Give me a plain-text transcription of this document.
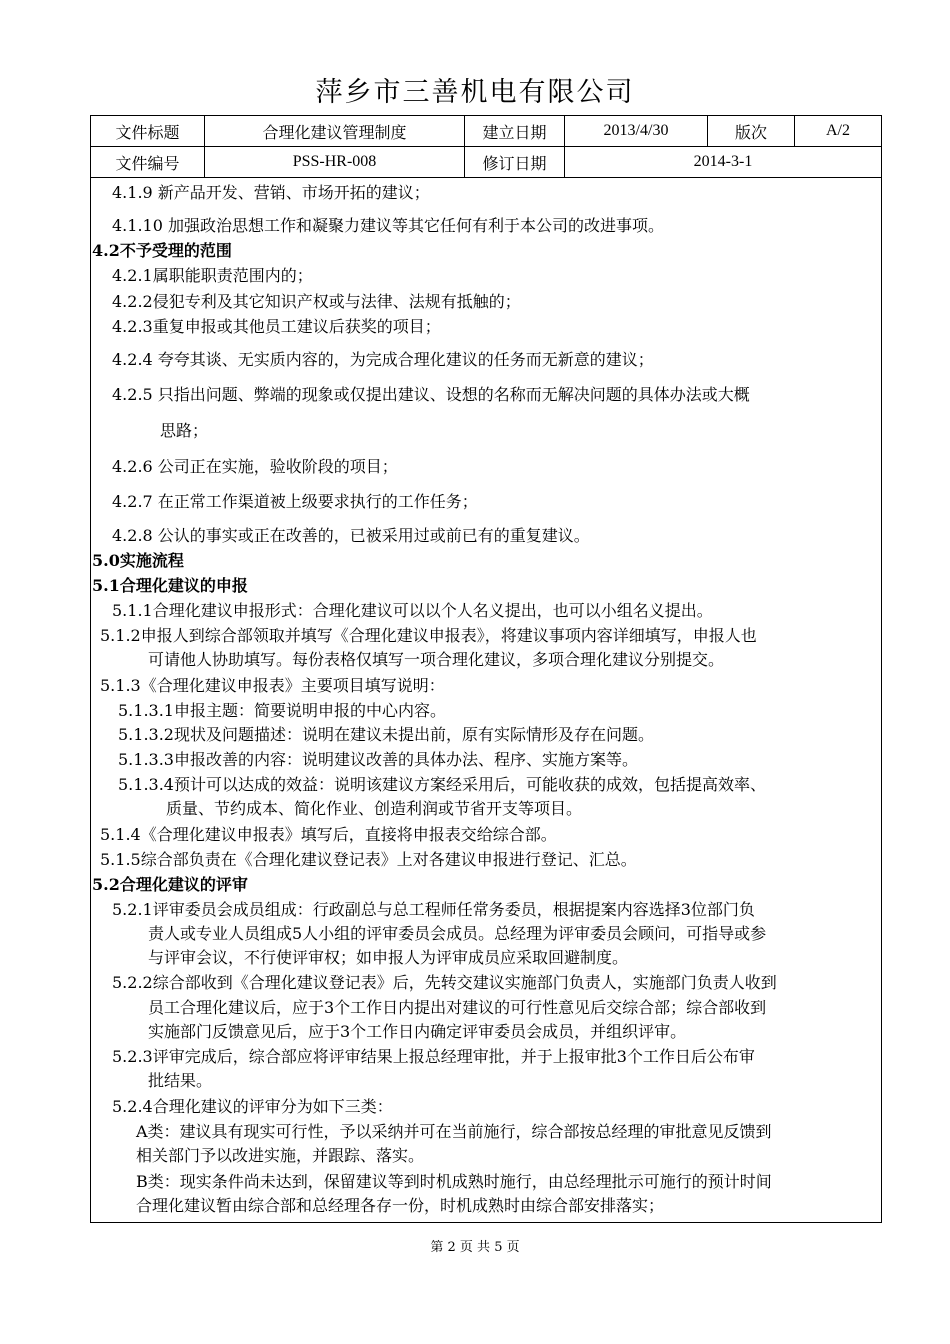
萍乡市三善机电有限公司
文件标题	合理化建议管理制度	建立日期	2013/4/30	版次	A/2
文件编号	PSS-HR-008	修订日期	2014-3-1		
4.1.9 新产品开发、营销、市场开拓的建议；
4.1.10 加强政治思想工作和凝聚力建议等其它任何有利于本公司的改进事项。
4.2不予受理的范围
4.2.1属职能职责范围内的；
4.2.2侵犯专利及其它知识产权或与法律、法规有抵触的；
4.2.3重复申报或其他员工建议后获奖的项目；
4.2.4 夸夸其谈、无实质内容的，为完成合理化建议的任务而无新意的建议；
4.2.5 只指出问题、弊端的现象或仅提出建议、设想的名称而无解决问题的具体办法或大概
思路；
4.2.6 公司正在实施，验收阶段的项目；
4.2.7 在正常工作渠道被上级要求执行的工作任务；
4.2.8 公认的事实或正在改善的，已被采用过或前已有的重复建议。
5.0实施流程
5.1合理化建议的申报
5.1.1合理化建议申报形式：合理化建议可以以个人名义提出，也可以小组名义提出。
5.1.2申报人到综合部领取并填写《合理化建议申报表》，将建议事项内容详细填写，申报人也
可请他人协助填写。每份表格仅填写一项合理化建议，多项合理化建议分别提交。
5.1.3《合理化建议申报表》主要项目填写说明：
5.1.3.1申报主题：简要说明申报的中心内容。
5.1.3.2现状及问题描述：说明在建议未提出前，原有实际情形及存在问题。
5.1.3.3申报改善的内容：说明建议改善的具体办法、程序、实施方案等。
5.1.3.4预计可以达成的效益：说明该建议方案经采用后，可能收获的成效，包括提高效率、
质量、节约成本、简化作业、创造利润或节省开支等项目。
5.1.4《合理化建议申报表》填写后，直接将申报表交给综合部。
5.1.5综合部负责在《合理化建议登记表》上对各建议申报进行登记、汇总。
5.2合理化建议的评审
5.2.1评审委员会成员组成：行政副总与总工程师任常务委员，根据提案内容选择3位部门负
责人或专业人员组成5人小组的评审委员会成员。总经理为评审委员会顾问，可指导或参
与评审会议，不行使评审权；如申报人为评审成员应采取回避制度。
5.2.2综合部收到《合理化建议登记表》后，先转交建议实施部门负责人，实施部门负责人收到
员工合理化建议后，应于3个工作日内提出对建议的可行性意见后交综合部；综合部收到
实施部门反馈意见后，应于3个工作日内确定评审委员会成员，并组织评审。
5.2.3评审完成后，综合部应将评审结果上报总经理审批，并于上报审批3个工作日后公布审
批结果。
5.2.4合理化建议的评审分为如下三类：
A类：建议具有现实可行性，予以采纳并可在当前施行，综合部按总经理的审批意见反馈到
相关部门予以改进实施，并跟踪、落实。
B类：现实条件尚未达到，保留建议等到时机成熟时施行，由总经理批示可施行的预计时间
合理化建议暂由综合部和总经理各存一份，时机成熟时由综合部安排落实；
第 2 页 共 5 页
